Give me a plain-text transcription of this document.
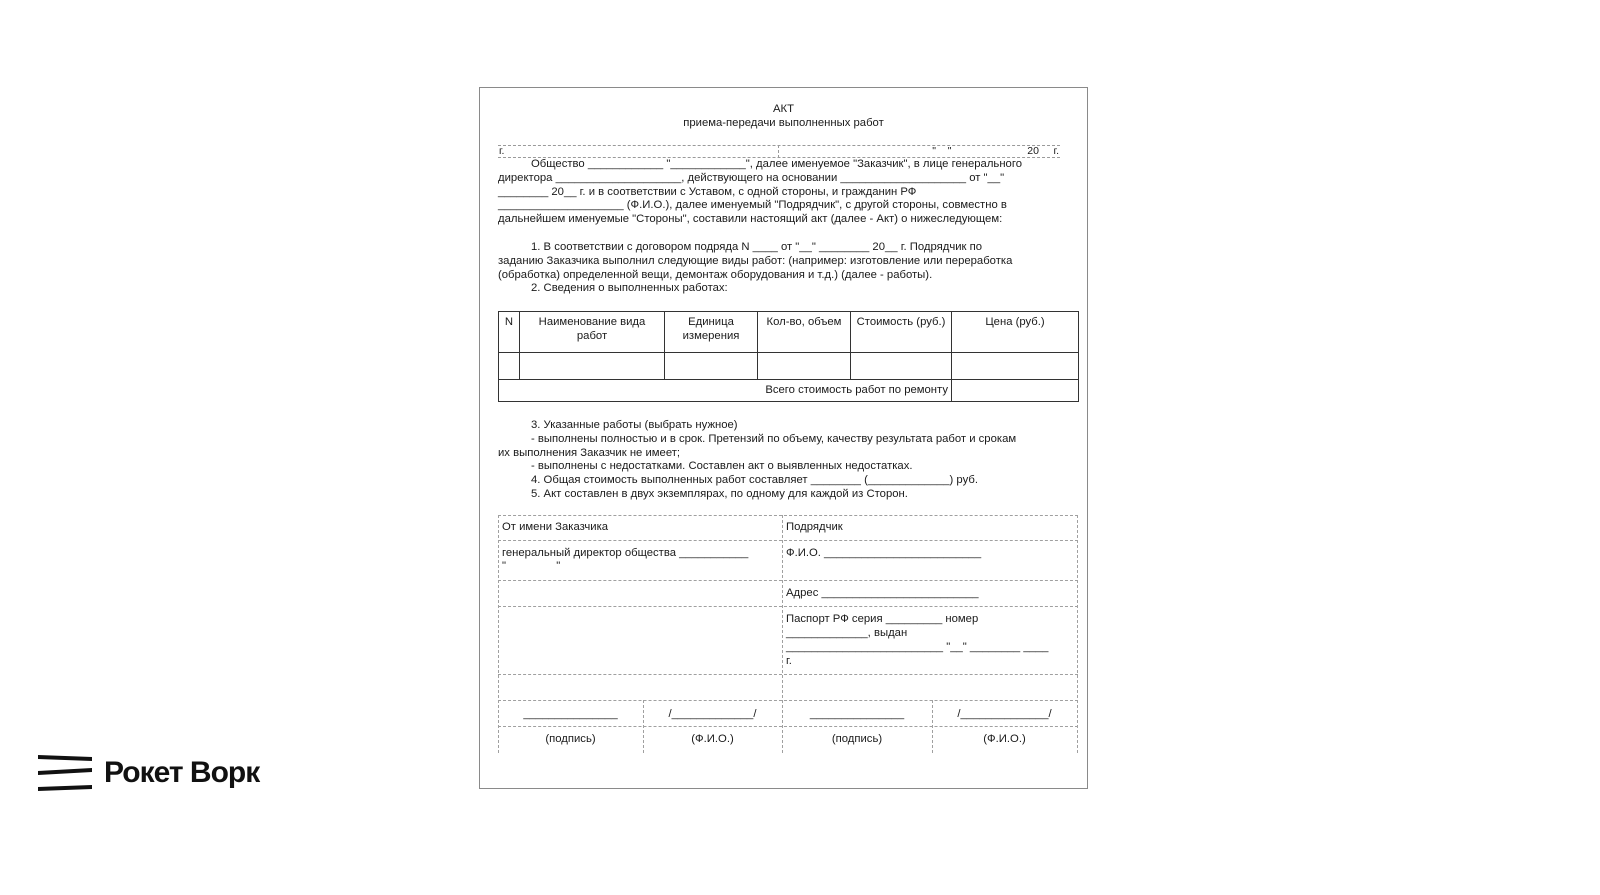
АКТ
приема-передачи выполненных работ
г.	"    "                          20     г.
Общество ____________ "____________", далее именуемое "Заказчик", в лице генерального
директора ____________________, действующего на основании ____________________ от "__"
________ 20__ г. и в соответствии с Уставом, с одной стороны, и гражданин РФ
____________________ (Ф.И.О.), далее именуемый "Подрядчик", с другой стороны, совместно в
дальнейшем именуемые "Стороны", составили настоящий акт (далее - Акт) о нижеследующем:
1. В соответствии с договором подряда N ____ от "__" ________ 20__ г. Подрядчик по
заданию Заказчика выполнил следующие виды работ: (например: изготовление или переработка
(обработка) определенной вещи, демонтаж оборудования и т.д.) (далее - работы).
2. Сведения о выполненных работах:
N	Наименование вида работ	Единица измерения	Кол-во, объем	Стоимость (руб.)	Цена (руб.)

Всего стоимость работ по ремонту					
3. Указанные работы (выбрать нужное)
- выполнены полностью и в срок. Претензий по объему, качеству результата работ и срокам
их выполнения Заказчик не имеет;
- выполнены с недостатками. Составлен акт о выявленных недостатках.
4. Общая стоимость выполненных работ составляет ________ (_____________) руб.
5. Акт составлен в двух экземплярах, по одному для каждой из Сторон.
От имени Заказчика	Подрядчик
генеральный директор общества ___________
"                "
Ф.И.О. _________________________
Адрес _________________________
Паспорт РФ серия _________ номер
_____________, выдан
_________________________ "__" ________ ____
г.
_______________	/_____________/	_______________	/______________/
(подпись)	(Ф.И.О.)	(подпись)	(Ф.И.О.)
Рокет Ворк
